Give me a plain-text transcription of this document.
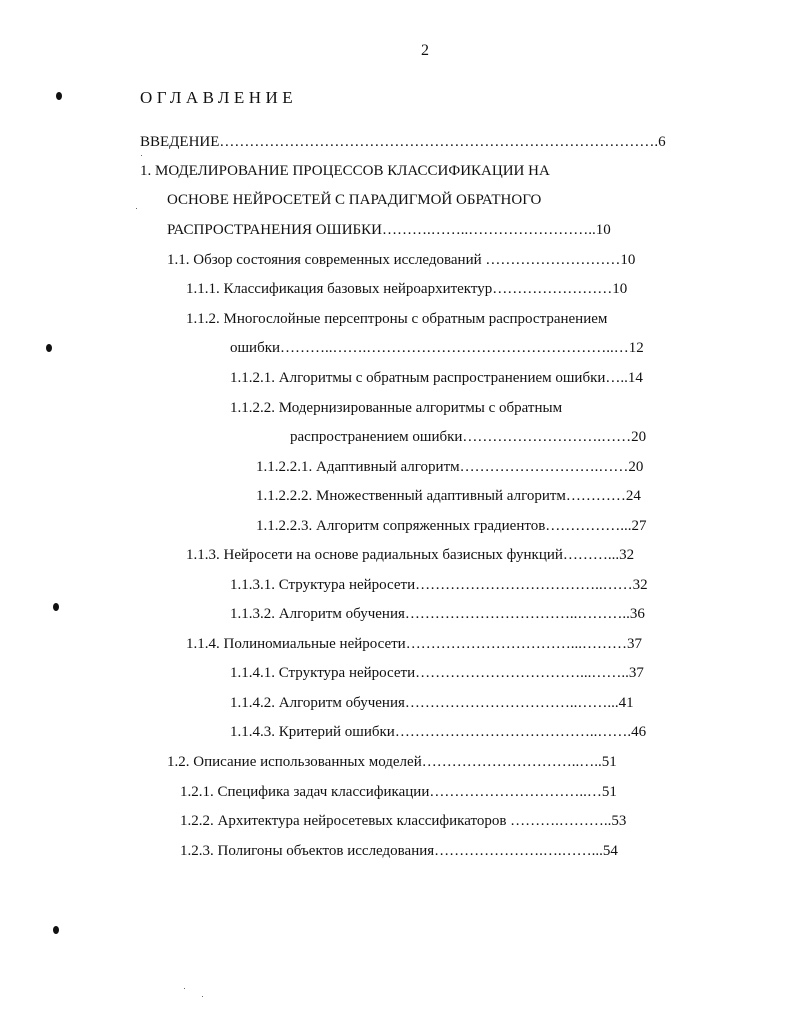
2
ОГЛАВЛЕНИЕ
ВВЕДЕНИЕ…………………………………………………………………………….6
1. МОДЕЛИРОВАНИЕ ПРОЦЕССОВ КЛАССИФИКАЦИИ НА
ОСНОВЕ НЕЙРОСЕТЕЙ С ПАРАДИГМОЙ ОБРАТНОГО
РАСПРОСТРАНЕНИЯ ОШИБКИ……….……..……………………..10
1.1. Обзор состояния современных исследований ………………………10
1.1.1. Классификация базовых нейроархитектур……………………10
1.1.2. Многослойные персептроны с обратным распространением
ошибки………..…….…………………………………………..…12
1.1.2.1. Алгоритмы с обратным распространением ошибки…..14
1.1.2.2. Модернизированные алгоритмы с обратным
распространением ошибки……………………….……20
1.1.2.2.1. Адаптивный алгоритм……………………….……20
1.1.2.2.2. Множественный адаптивный алгоритм…………24
1.1.2.2.3. Алгоритм сопряженных градиентов……………...27
1.1.3. Нейросети на основе радиальных базисных функций………...32
1.1.3.1. Структура нейросети………………………………..……32
1.1.3.2. Алгоритм обучения……………………………..………..36
1.1.4. Полиномиальные нейросети……………………………...………37
1.1.4.1. Структура нейросети……………………………...……..37
1.1.4.2. Алгоритм обучения……………………………..……...41
1.1.4.3. Критерий ошибки…………………………………..…….46
1.2. Описание использованных моделей…………………………..…..51
1.2.1. Специфика задач классификации…………………………..…51
1.2.2. Архитектура нейросетевых классификаторов ……….………..53
1.2.3. Полигоны объектов исследования………………….….……...54
